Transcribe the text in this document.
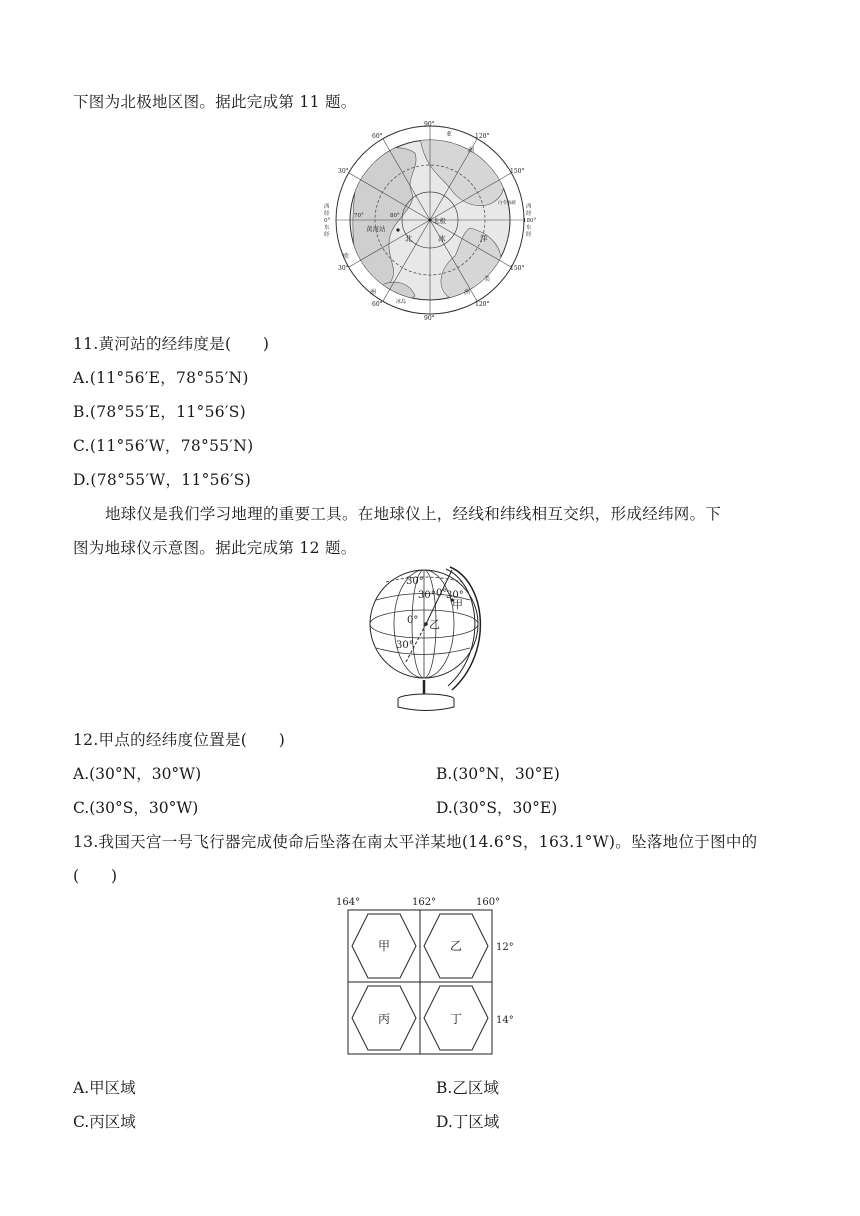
下图为北极地区图。据此完成第 11 题。
90°
120°
150°
150°
120°
90°
60°
30°
30°
60°
西
经
0°
东
经
西
经
180°
东
经
70°	80°
北极
黄河站
北	冰	洋
亚
洲
美
洲
欧
洲
白令海峡
冰岛
11.黄河站的经纬度是(　　)
A.(11°56′E，78°55′N)
B.(78°55′E，11°56′S)
C.(11°56′W，78°55′N)
D.(78°55′W，11°56′S)
地球仪是我们学习地理的重要工具。在地球仪上，经线和纬线相互交织，形成经纬网。下
图为地球仪示意图。据此完成第 12 题。
30°
30° 0°
30°
甲
0° 乙
30°
12.甲点的经纬度位置是(　　)
A.(30°N，30°W)	B.(30°N，30°E)
C.(30°S，30°W)	D.(30°S，30°E)
13.我国天宫一号飞行器完成使命后坠落在南太平洋某地(14.6°S，163.1°W)。坠落地位于图中的
(　　)
164°	162°	160°
甲	乙
丙	丁
12°
14°
A.甲区域	B.乙区域
C.丙区域	D.丁区域
